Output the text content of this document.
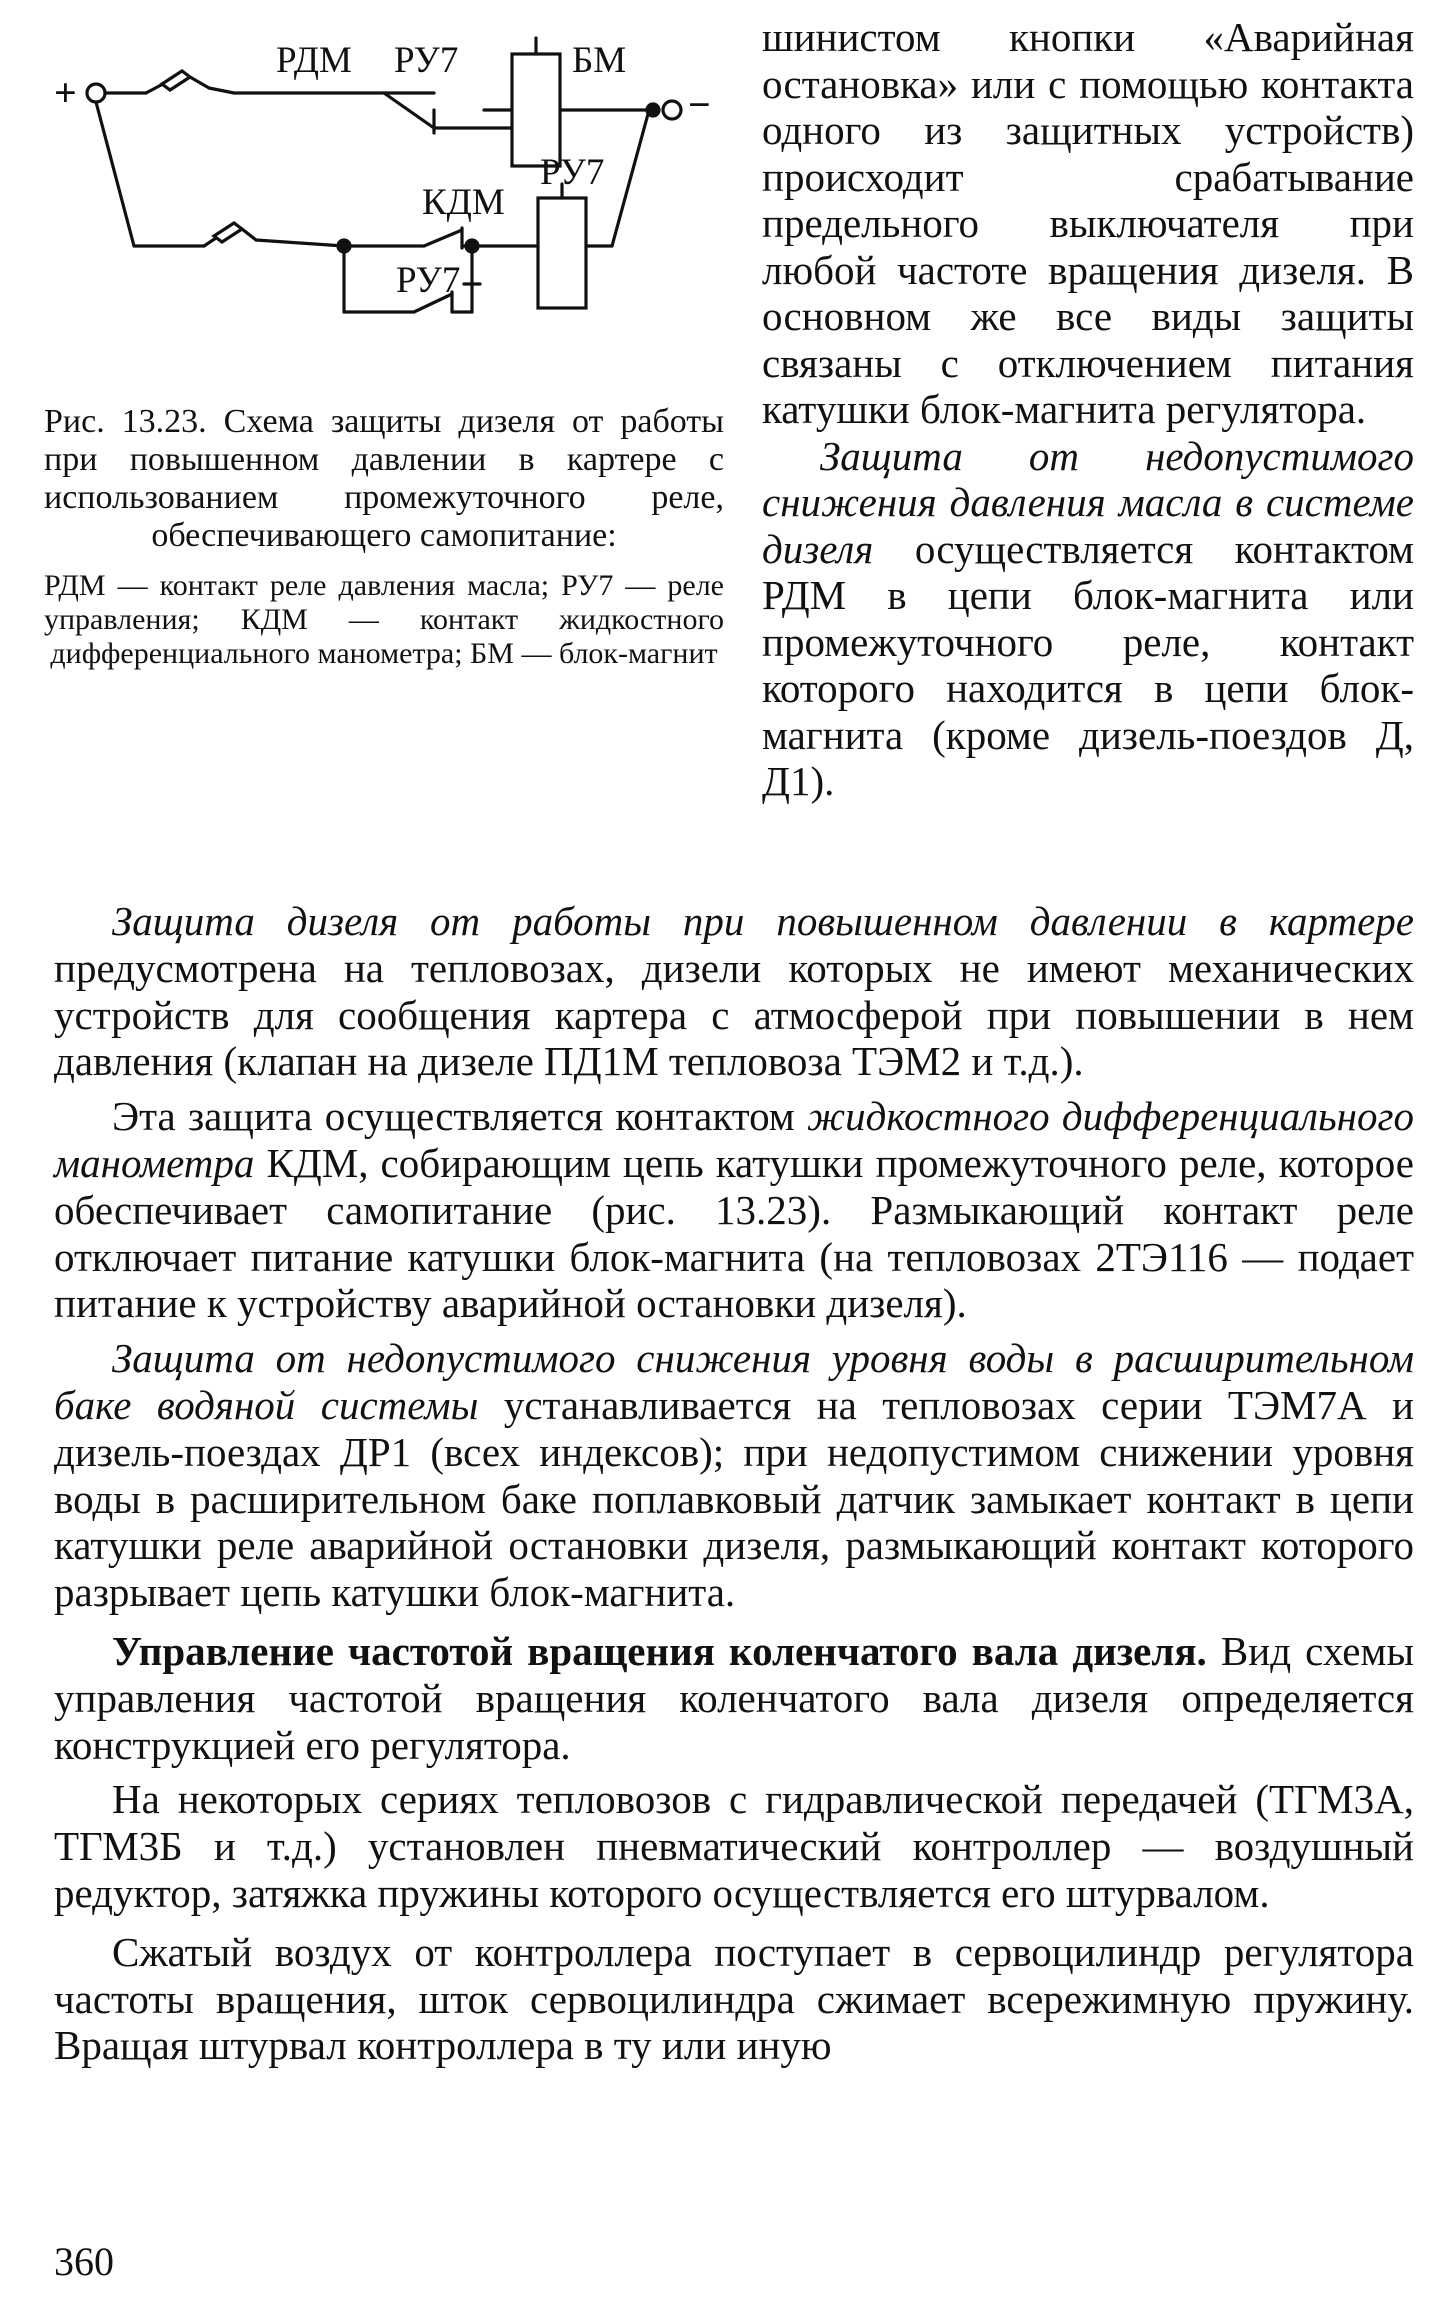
РДМ РУ7	БМ
КДМ
РУ7
РУ7
+	−

Рис. 13.23. Схема защиты дизеля от работы при повышенном давлении в картере с использованием промежуточного реле, обеспечивающего самопитание:

РДМ — контакт реле давления масла; РУ7 — реле управления; КДМ — контакт жидкостного дифференциального манометра; БМ — блок-магнит

шинистом кнопки «Аварийная остановка» или с помощью контакта одного из защитных устройств) происходит срабатывание предельного выключателя при любой частоте вращения дизеля. В основном же все виды защиты связаны с отключением питания катушки блок-магнита регулятора.

Защита от недопустимого снижения давления масла в системе дизеля осуществляется контактом РДМ в цепи блок-магнита или промежуточного реле, контакт которого находится в цепи блок-магнита (кроме дизель-поездов Д, Д1).

Защита дизеля от работы при повышенном давлении в картере предусмотрена на тепловозах, дизели которых не имеют механических устройств для сообщения картера с атмосферой при повышении в нем давления (клапан на дизеле ПД1М тепловоза ТЭМ2 и т.д.).

Эта защита осуществляется контактом жидкостного дифференциального манометра КДМ, собирающим цепь катушки промежуточного реле, которое обеспечивает самопитание (рис. 13.23). Размыкающий контакт реле отключает питание катушки блок-магнита (на тепловозах 2ТЭ116 — подает питание к устройству аварийной остановки дизеля).

Защита от недопустимого снижения уровня воды в расширительном баке водяной системы устанавливается на тепловозах серии ТЭМ7А и дизель-поездах ДР1 (всех индексов); при недопустимом снижении уровня воды в расширительном баке поплавковый датчик замыкает контакт в цепи катушки реле аварийной остановки дизеля, размыкающий контакт которого разрывает цепь катушки блок-магнита.

Управление частотой вращения коленчатого вала дизеля. Вид схемы управления частотой вращения коленчатого вала дизеля определяется конструкцией его регулятора.

На некоторых сериях тепловозов с гидравлической передачей (ТГМ3А, ТГМ3Б и т.д.) установлен пневматический контроллер — воздушный редуктор, затяжка пружины которого осуществляется его штурвалом.

Сжатый воздух от контроллера поступает в сервоцилиндр регулятора частоты вращения, шток сервоцилиндра сжимает всережимную пружину. Вращая штурвал контроллера в ту или иную

360
